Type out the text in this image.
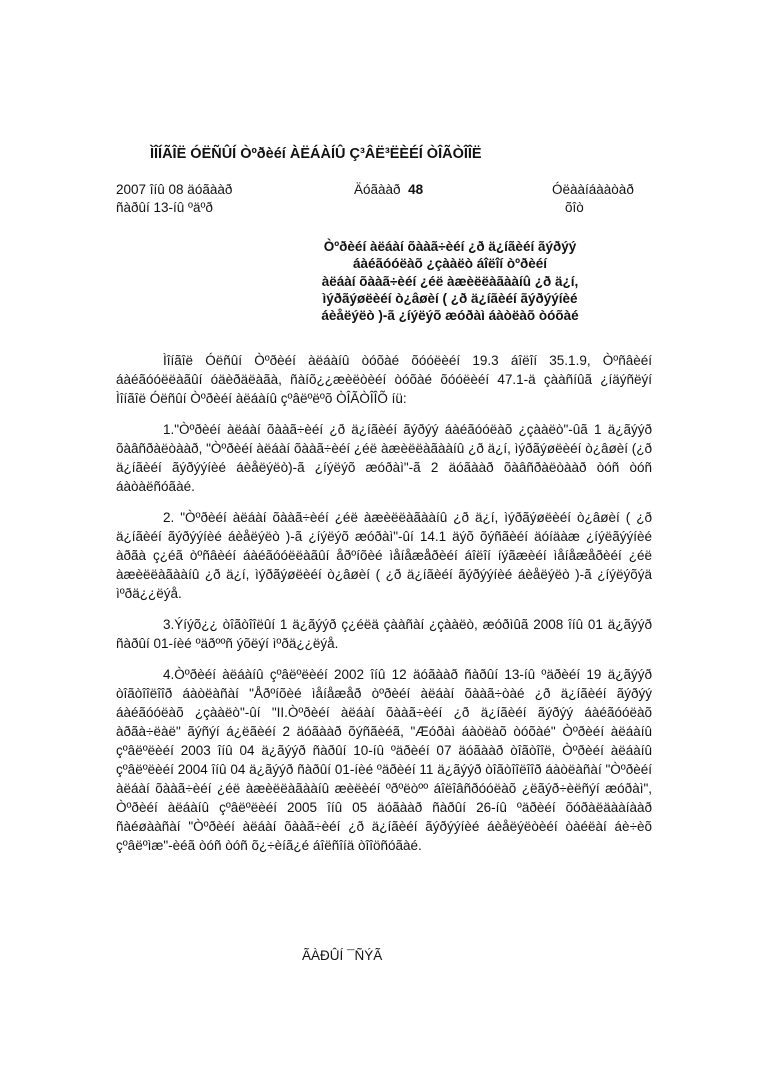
ÌÎÍÃÎË ÓËÑÛÍ Òºðèéí ÀËÁÀÍÛ Ç³ÂË³ËÈÉÍ ÒÎÃÒÎÎË
2007 îíû 08 äóãààð
ñàðûí 13-íû ºäºð
Äóãààð 48	Óëààíáààòàð
õîò
Òºðèéí àëáàí õààã÷èéí ¿ð ä¿íãèéí ãýðýý
áàéãóóëàõ ¿çààëò áîëîí òºðèéí
àëáàí õààã÷èéí ¿éë àæèëëàãààíû ¿ð ä¿í,
ìýðãýøëèéí ò¿âøèí ( ¿ð ä¿íãèéí ãýðýýíèé
áèåëýëò )-ã ¿íýëýõ æóðàì áàòëàõ òóõàé

Ìîíãîë Óëñûí Òºðèéí àëáàíû òóõàé õóóëèéí 19.3 áîëîí 35.1.9, Òºñâèéí áàéãóóëëàãûí óäèðäëàãà, ñàíõ¿¿æèëòèéí òóõàé õóóëèéí 47.1-ä çààñíûã ¿íäýñëýí Ìîíãîë Óëñûí Òºðèéí àëáàíû çºâëºëºõ ÒÎÃÒÎÎÕ íü:

1."Òºðèéí àëáàí õààã÷èéí ¿ð ä¿íãèéí ãýðýý áàéãóóëàõ ¿çààëò"-ûã 1 ä¿ãýýð õàâñðàëòààð, "Òºðèéí àëáàí õààã÷èéí ¿éë àæèëëàãààíû ¿ð ä¿í, ìýðãýøëèéí ò¿âøèí (¿ð ä¿íãèéí ãýðýýíèé áèåëýëò)-ã ¿íýëýõ æóðàì"-ã 2 äóãààð õàâñðàëòààð òóñ òóñ áàòàëñóãàé.

2. "Òºðèéí àëáàí õààã÷èéí ¿éë àæèëëàãààíû ¿ð ä¿í, ìýðãýøëèéí ò¿âøèí ( ¿ð ä¿íãèéí ãýðýýíèé áèåëýëò )-ã ¿íýëýõ æóðàì"-ûí 14.1 äýõ õýñãèéí äóíäàæ ¿íýëãýýíèé àðãà ç¿éã òºñâèéí áàéãóóëëàãûí åðºíõèé ìåíåæåðèéí áîëîí íýãæèéí ìåíåæåðèéí ¿éë àæèëëàãààíû ¿ð ä¿í, ìýðãýøëèéí ò¿âøèí ( ¿ð ä¿íãèéí ãýðýýíèé áèåëýëò )-ã ¿íýëýõýä ìºðä¿¿ëýå.

3.Ýíýõ¿¿ òîãòîîëûí 1 ä¿ãýýð ç¿éëä çààñàí ¿çààëò, æóðìûã 2008 îíû 01 ä¿ãýýð ñàðûí 01-íèé ºäðººñ ýõëýí ìºðä¿¿ëýå.

4.Òºðèéí àëáàíû çºâëºëèéí 2002 îíû 12 äóãààð ñàðûí 13-íû ºäðèéí 19 ä¿ãýýð òîãòîîëîîð áàòëàñàí "Åðºíõèé ìåíåæåð òºðèéí àëáàí õààã÷òàé ¿ð ä¿íãèéí ãýðýý áàéãóóëàõ ¿çààëò"-ûí "II.Òºðèéí àëáàí õààã÷èéí ¿ð ä¿íãèéí ãýðýý áàéãóóëàõ àðãà÷ëàë" ãýñýí á¿ëãèéí 2 äóãààð õýñãèéã, "Æóðàì áàòëàõ òóõàé" Òºðèéí àëáàíû çºâëºëèéí 2003 îíû 04 ä¿ãýýð ñàðûí 10-íû ºäðèéí 07 äóãààð òîãòîîë, Òºðèéí àëáàíû çºâëºëèéí 2004 îíû 04 ä¿ãýýð ñàðûí 01-íèé ºäðèéí 11 ä¿ãýýð òîãòîîëîîð áàòëàñàí "Òºðèéí àëáàí õààã÷èéí ¿éë àæèëëàãààíû æèëèéí ºðºëòºº áîëîâñðóóëàõ ¿ëãýð÷èëñýí æóðàì", Òºðèéí àëáàíû çºâëºëèéí 2005 îíû 05 äóãààð ñàðûí 26-íû ºäðèéí õóðàëäààíààð ñàéøààñàí "Òºðèéí àëáàí õààã÷èéí ¿ð ä¿íãèéí ãýðýýíèé áèåëýëòèéí òàéëàí áè÷èõ çºâëºìæ"-èéã òóñ òóñ õ¿÷èíã¿é áîëñîíä òîîöñóãàé.

ÃÀÐÛÍ ¯ÑÝÃ
